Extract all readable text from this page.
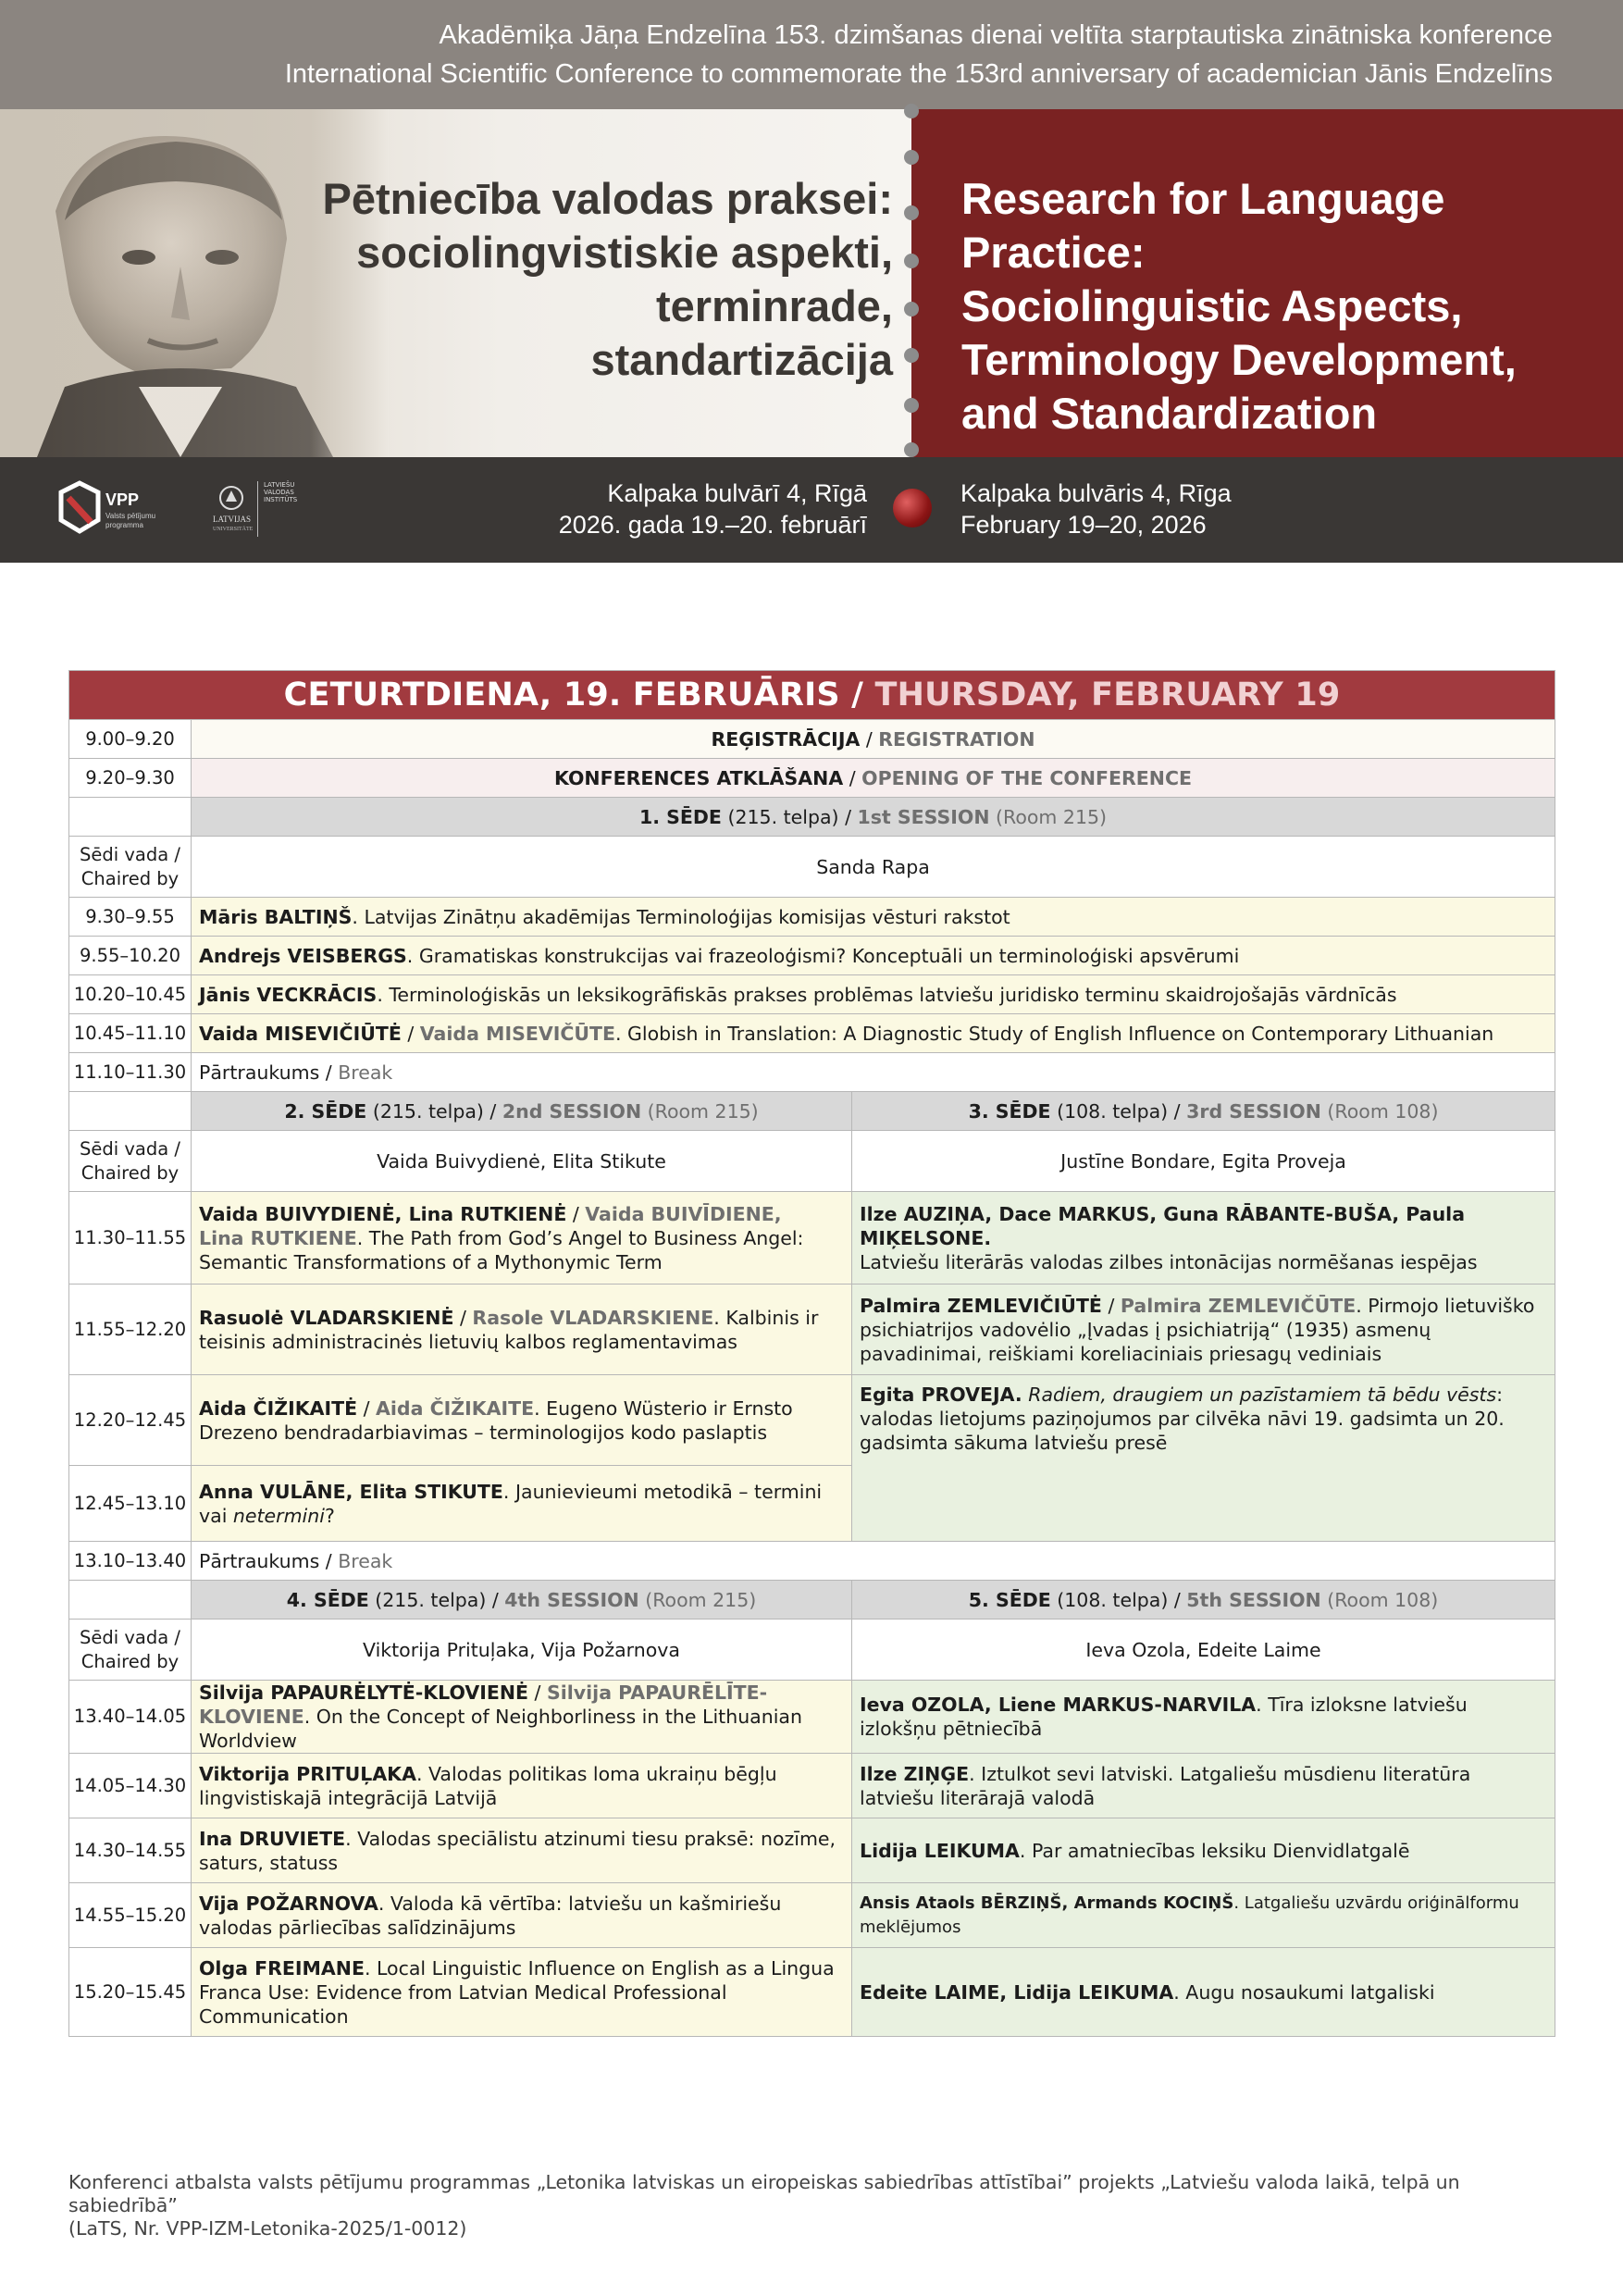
Akadēmiķa Jāņa Endzelīna 153. dzimšanas dienai veltīta starptautiska zinātniska konference
International Scientific Conference to commemorate the 153rd anniversary of academician Jānis Endzelīns
Pētniecība valodas praksei:
sociolingvistiskie aspekti,
terminrade,
standartizācija
Research for Language Practice:
Sociolinguistic Aspects,
Terminology Development,
and Standardization
VPP
Valsts pētījumu
programma
LATVIJAS
UNIVERSITĀTE
LATVIEŠU
VALODAS
INSTITŪTS	Kalpaka bulvārī 4, Rīgā
2026. gada 19.–20. februārī
Kalpaka bulvāris 4, Rīga
February 19–20, 2026
CETURTDIENA, 19. FEBRUĀRIS / THURSDAY, FEBRUARY 19		
9.00–9.20	REĢISTRĀCIJA / REGISTRATION	
9.20–9.30	KONFERENCES ATKLĀŠANA / OPENING OF THE CONFERENCE	
	1. SĒDE (215. telpa) / 1st SESSION (Room 215)	

Sēdi vada /
Chaired by	Sanda Rapa	
9.30–9.55	Māris BALTIŅŠ. Latvijas Zinātņu akadēmijas Terminoloģijas komisijas vēsturi rakstot	
9.55–10.20	Andrejs VEISBERGS. Gramatiskas konstrukcijas vai frazeoloģismi? Konceptuāli un terminoloģiski apsvērumi	
10.20–10.45	Jānis VECKRĀCIS. Terminoloģiskās un leksikogrāfiskās prakses problēmas latviešu juridisko terminu skaidrojošajās vārdnīcās	
10.45–11.10	Vaida MISEVIČIŪTĖ / Vaida MISEVIČŪTE. Globish in Translation: A Diagnostic Study of English Influence on Contemporary Lithuanian	
11.10–11.30	Pārtraukums / Break	
	2. SĒDE (215. telpa) / 2nd SESSION (Room 215)	3. SĒDE (108. telpa) / 3rd SESSION (Room 108)

Sēdi vada /
Chaired by	Vaida Buivydienė, Elita Stikute	Justīne Bondare, Egita Proveja
11.30–11.55	Vaida BUIVYDIENĖ, Lina RUTKIENĖ / Vaida BUIVĪDIENE,
Lina RUTKIENE. The Path from God’s Angel to Business Angel: Semantic Transformations of a Mythonymic Term	Ilze AUZIŅA, Dace MARKUS, Guna RĀBANTE-BUŠA, Paula MIĶELSONE.
Latviešu literārās valodas zilbes intonācijas normēšanas iespējas
11.55–12.20	Rasuolė VLADARSKIENĖ / Rasole VLADARSKIENE. Kalbinis ir teisinis administracinės lietuvių kalbos reglamentavimas	Palmira ZEMLEVIČIŪTĖ / Palmira ZEMLEVIČŪTE. Pirmojo lietuviško psichiatrijos vadovėlio „Įvadas į psichiatriją“ (1935) asmenų pavadinimai, reiškiami koreliaciniais priesagų vediniais
12.20–12.45	Aida ČIŽIKAITĖ / Aida ČIŽIKAITE. Eugeno Wüsterio ir Ernsto Drezeno bendradarbiavimas – terminologijos kodo paslaptis	Egita PROVEJA. Radiem, draugiem un pazīstamiem tā bēdu vēsts: valodas lietojums paziņojumos par cilvēka nāvi 19. gadsimta un 20. gadsimta sākuma latviešu presē
12.45–13.10	Anna VULĀNE, Elita STIKUTE. Jaunievieumi metodikā – termini vai netermini?	
13.10–13.40	Pārtraukums / Break	
	4. SĒDE (215. telpa) / 4th SESSION (Room 215)	5. SĒDE (108. telpa) / 5th SESSION (Room 108)

Sēdi vada /
Chaired by	Viktorija Prituļaka, Vija Požarnova	Ieva Ozola, Edeite Laime
13.40–14.05	Silvija PAPAURĖLYTĖ-KLOVIENĖ / Silvija PAPAURĒLĪTE-KLOVIENE. On the Concept of Neighborliness in the Lithuanian Worldview	Ieva OZOLA, Liene MARKUS-NARVILA. Tīra izloksne latviešu izlokšņu pētniecībā
14.05–14.30	Viktorija PRITUĻAKA. Valodas politikas loma ukraiņu bēgļu lingvistiskajā integrācijā Latvijā	Ilze ZIŅĢE. Iztulkot sevi latviski. Latgaliešu mūsdienu literatūra latviešu literārajā valodā
14.30–14.55	Ina DRUVIETE. Valodas speciālistu atzinumi tiesu praksē: nozīme, saturs, statuss	Lidija LEIKUMA. Par amatniecības leksiku Dienvidlatgalē
14.55–15.20	Vija POŽARNOVA. Valoda kā vērtība: latviešu un kašmiriešu valodas pārliecības salīdzinājums	Ansis Ataols BĒRZIŅŠ, Armands KOCIŅŠ. Latgaliešu uzvārdu oriģinālformu meklējumos
15.20–15.45	Olga FREIMANE. Local Linguistic Influence on English as a Lingua Franca Use: Evidence from Latvian Medical Professional Communication	Edeite LAIME, Lidija LEIKUMA. Augu nosaukumi latgaliski
Konferenci atbalsta valsts pētījumu programmas „Letonika latviskas un eiropeiskas sabiedrības attīstībai” projekts „Latviešu valoda laikā, telpā un sabiedrībā”
(LaTS, Nr. VPP-IZM-Letonika-2025/1-0012)
